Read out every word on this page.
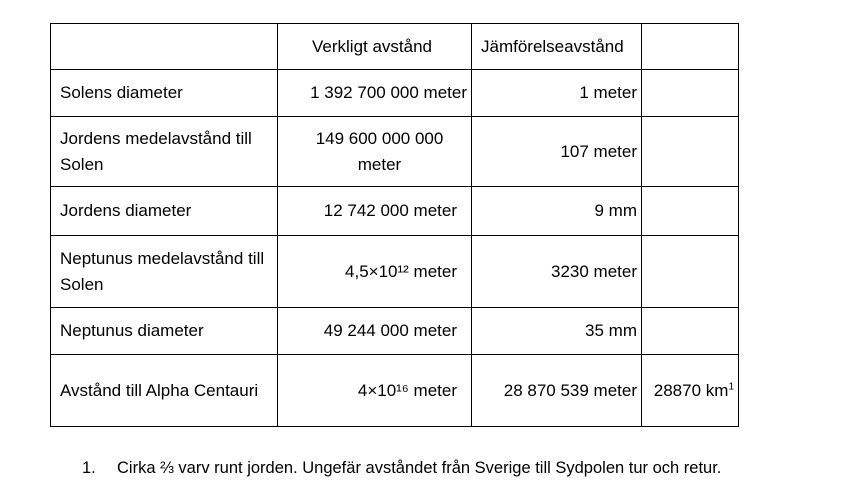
	Verkligt avstånd	Jämförelseavstånd	
Solens diameter	1 392 700 000 meter	1 meter	
Jordens medelavstånd till Solen	149 600 000 000 meter	107 meter	
Jordens diameter	12 742 000 meter	9 mm	
Neptunus medelavstånd till Solen	4,5×10¹² meter	3230 meter	
Neptunus diameter	49 244 000 meter	35 mm	
Avstånd till Alpha Centauri	4×10¹⁶ meter	28 870 539 meter	28870 $km^1$
1. Cirka ⅔ varv runt jorden. Ungefär avståndet från Sverige till Sydpolen tur och retur.
